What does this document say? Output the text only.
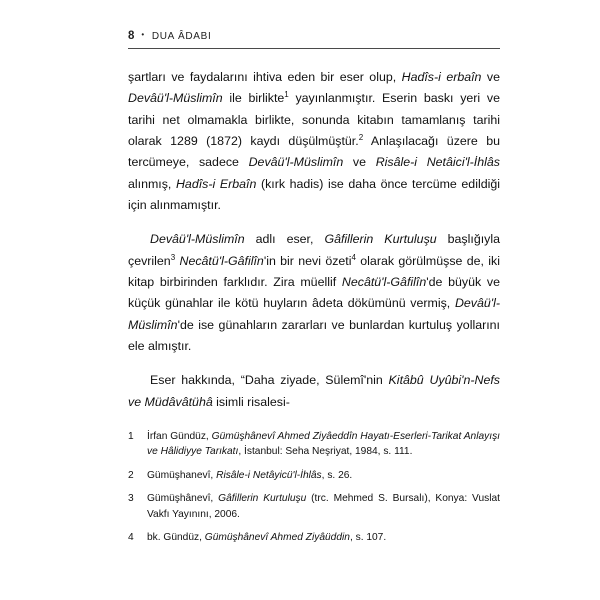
8 • DUA ÂDABI

şartları ve faydalarını ihtiva eden bir eser olup, Hadîs-i erbaîn ve Devâü'l-Müslimîn ile birlikte$^1$ yayınlanmıştır. Eserin baskı yeri ve tarihi net olmamakla birlikte, sonunda kitabın tamamlanış tarihi olarak 1289 (1872) kaydı düşülmüştür.$^2$ Anlaşılacağı üzere bu tercümeye, sadece Devâü'l-Müslimîn ve Risâle-i Netâici'l-İhlâs alınmış, Hadîs-i Erbaîn (kırk hadis) ise daha önce tercüme edildiği için alınmamıştır.

Devâü'l-Müslimîn adlı eser, Gâfillerin Kurtuluşu başlığıyla çevrilen$^3$ Necâtü'l-Gâfilîn'in bir nevi özeti$^4$ olarak görülmüşse de, iki kitap birbirinden farklıdır. Zira müellif Necâtü'l-Gâfilîn'de büyük ve küçük günahlar ile kötü huyların âdeta dökümünü vermiş, Devâü'l-Müslimîn'de ise günahların zararları ve bunlardan kurtuluş yollarını ele almıştır.

Eser hakkında, “Daha ziyade, Sülemî'nin Kitâbû Uyûbi'n-Nefs ve Müdâvâtühâ isimli risalesi-

1	İrfan Gündüz, Gümüşhânevî Ahmed Ziyâeddîn Hayatı-Eserleri-Tarikat Anlayışı ve Hâlidiyye Tarıkatı, İstanbul: Seha Neşriyat, 1984, s. 111.
2	Gümüşhanevî, Risâle-i Netâyicü'l-İhlâs, s. 26.
3	Gümüşhânevî, Gâfillerin Kurtuluşu (trc. Mehmed S. Bursalı), Konya: Vuslat Vakfı Yayınını, 2006.
4	bk. Gündüz, Gümüşhânevî Ahmed Ziyâüddin, s. 107.
